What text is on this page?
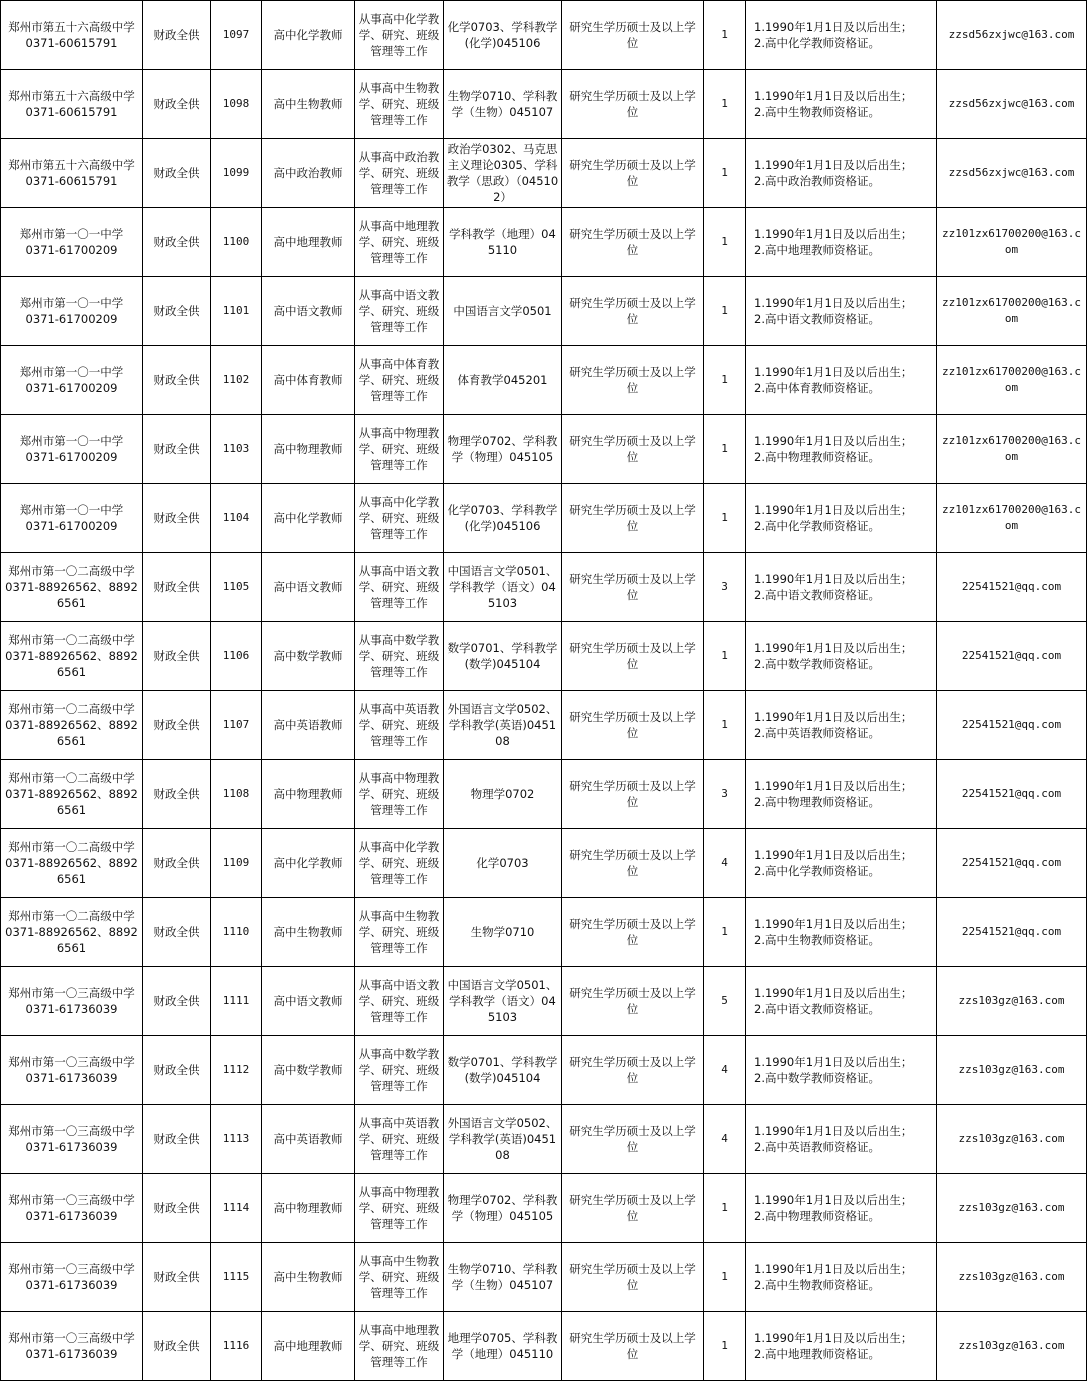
郑州市第五十六高级中学
0371-60615791	财政全供	1097	高中化学教师	从事高中化学教学、研究、班级管理等工作	化学0703、学科教学(化学)045106	研究生学历硕士及以上学位	1	1.1990年1月1日及以后出生；
2.高中化学教师资格证。	zzsd56zxjwc@163.com

郑州市第五十六高级中学
0371-60615791	财政全供	1098	高中生物教师	从事高中生物教学、研究、班级管理等工作	生物学0710、学科教学（生物）045107	研究生学历硕士及以上学位	1	1.1990年1月1日及以后出生；
2.高中生物教师资格证。	zzsd56zxjwc@163.com

郑州市第五十六高级中学
0371-60615791	财政全供	1099	高中政治教师	从事高中政治教学、研究、班级管理等工作	政治学0302、马克思主义理论0305、学科教学（思政）（045102）	研究生学历硕士及以上学位	1	1.1990年1月1日及以后出生；
2.高中政治教师资格证。	zzsd56zxjwc@163.com

郑州市第一〇一中学
0371-61700209	财政全供	1100	高中地理教师	从事高中地理教学、研究、班级管理等工作	学科教学（地理）045110	研究生学历硕士及以上学位	1	1.1990年1月1日及以后出生；
2.高中地理教师资格证。	zz101zx61700200@163.com

郑州市第一〇一中学
0371-61700209	财政全供	1101	高中语文教师	从事高中语文教学、研究、班级管理等工作	中国语言文学0501	研究生学历硕士及以上学位	1	1.1990年1月1日及以后出生；
2.高中语文教师资格证。	zz101zx61700200@163.com

郑州市第一〇一中学
0371-61700209	财政全供	1102	高中体育教师	从事高中体育教学、研究、班级管理等工作	体育教学045201	研究生学历硕士及以上学位	1	1.1990年1月1日及以后出生；
2.高中体育教师资格证。	zz101zx61700200@163.com

郑州市第一〇一中学
0371-61700209	财政全供	1103	高中物理教师	从事高中物理教学、研究、班级管理等工作	物理学0702、学科教学（物理）045105	研究生学历硕士及以上学位	1	1.1990年1月1日及以后出生；
2.高中物理教师资格证。	zz101zx61700200@163.com

郑州市第一〇一中学
0371-61700209	财政全供	1104	高中化学教师	从事高中化学教学、研究、班级管理等工作	化学0703、学科教学(化学)045106	研究生学历硕士及以上学位	1	1.1990年1月1日及以后出生；
2.高中化学教师资格证。	zz101zx61700200@163.com

郑州市第一〇二高级中学
0371-88926562、88926561	财政全供	1105	高中语文教师	从事高中语文教学、研究、班级管理等工作	中国语言文学0501、学科教学（语文）045103	研究生学历硕士及以上学位	3	1.1990年1月1日及以后出生；
2.高中语文教师资格证。	22541521@qq.com

郑州市第一〇二高级中学
0371-88926562、88926561	财政全供	1106	高中数学教师	从事高中数学教学、研究、班级管理等工作	数学0701、学科教学(数学)045104	研究生学历硕士及以上学位	1	1.1990年1月1日及以后出生；
2.高中数学教师资格证。	22541521@qq.com

郑州市第一〇二高级中学
0371-88926562、88926561	财政全供	1107	高中英语教师	从事高中英语教学、研究、班级管理等工作	外国语言文学0502、学科教学(英语)045108	研究生学历硕士及以上学位	1	1.1990年1月1日及以后出生；
2.高中英语教师资格证。	22541521@qq.com

郑州市第一〇二高级中学
0371-88926562、88926561	财政全供	1108	高中物理教师	从事高中物理教学、研究、班级管理等工作	物理学0702	研究生学历硕士及以上学位	3	1.1990年1月1日及以后出生；
2.高中物理教师资格证。	22541521@qq.com

郑州市第一〇二高级中学
0371-88926562、88926561	财政全供	1109	高中化学教师	从事高中化学教学、研究、班级管理等工作	化学0703	研究生学历硕士及以上学位	4	1.1990年1月1日及以后出生；
2.高中化学教师资格证。	22541521@qq.com

郑州市第一〇二高级中学
0371-88926562、88926561	财政全供	1110	高中生物教师	从事高中生物教学、研究、班级管理等工作	生物学0710	研究生学历硕士及以上学位	1	1.1990年1月1日及以后出生；
2.高中生物教师资格证。	22541521@qq.com

郑州市第一〇三高级中学
0371-61736039	财政全供	1111	高中语文教师	从事高中语文教学、研究、班级管理等工作	中国语言文学0501、学科教学（语文）045103	研究生学历硕士及以上学位	5	1.1990年1月1日及以后出生；
2.高中语文教师资格证。	zzs103gz@163.com

郑州市第一〇三高级中学
0371-61736039	财政全供	1112	高中数学教师	从事高中数学教学、研究、班级管理等工作	数学0701、学科教学(数学)045104	研究生学历硕士及以上学位	4	1.1990年1月1日及以后出生；
2.高中数学教师资格证。	zzs103gz@163.com

郑州市第一〇三高级中学
0371-61736039	财政全供	1113	高中英语教师	从事高中英语教学、研究、班级管理等工作	外国语言文学0502、学科教学(英语)045108	研究生学历硕士及以上学位	4	1.1990年1月1日及以后出生；
2.高中英语教师资格证。	zzs103gz@163.com

郑州市第一〇三高级中学
0371-61736039	财政全供	1114	高中物理教师	从事高中物理教学、研究、班级管理等工作	物理学0702、学科教学（物理）045105	研究生学历硕士及以上学位	1	1.1990年1月1日及以后出生；
2.高中物理教师资格证。	zzs103gz@163.com

郑州市第一〇三高级中学
0371-61736039	财政全供	1115	高中生物教师	从事高中生物教学、研究、班级管理等工作	生物学0710、学科教学（生物）045107	研究生学历硕士及以上学位	1	1.1990年1月1日及以后出生；
2.高中生物教师资格证。	zzs103gz@163.com

郑州市第一〇三高级中学
0371-61736039	财政全供	1116	高中地理教师	从事高中地理教学、研究、班级管理等工作	地理学0705、学科教学（地理）045110	研究生学历硕士及以上学位	1	1.1990年1月1日及以后出生；
2.高中地理教师资格证。	zzs103gz@163.com
